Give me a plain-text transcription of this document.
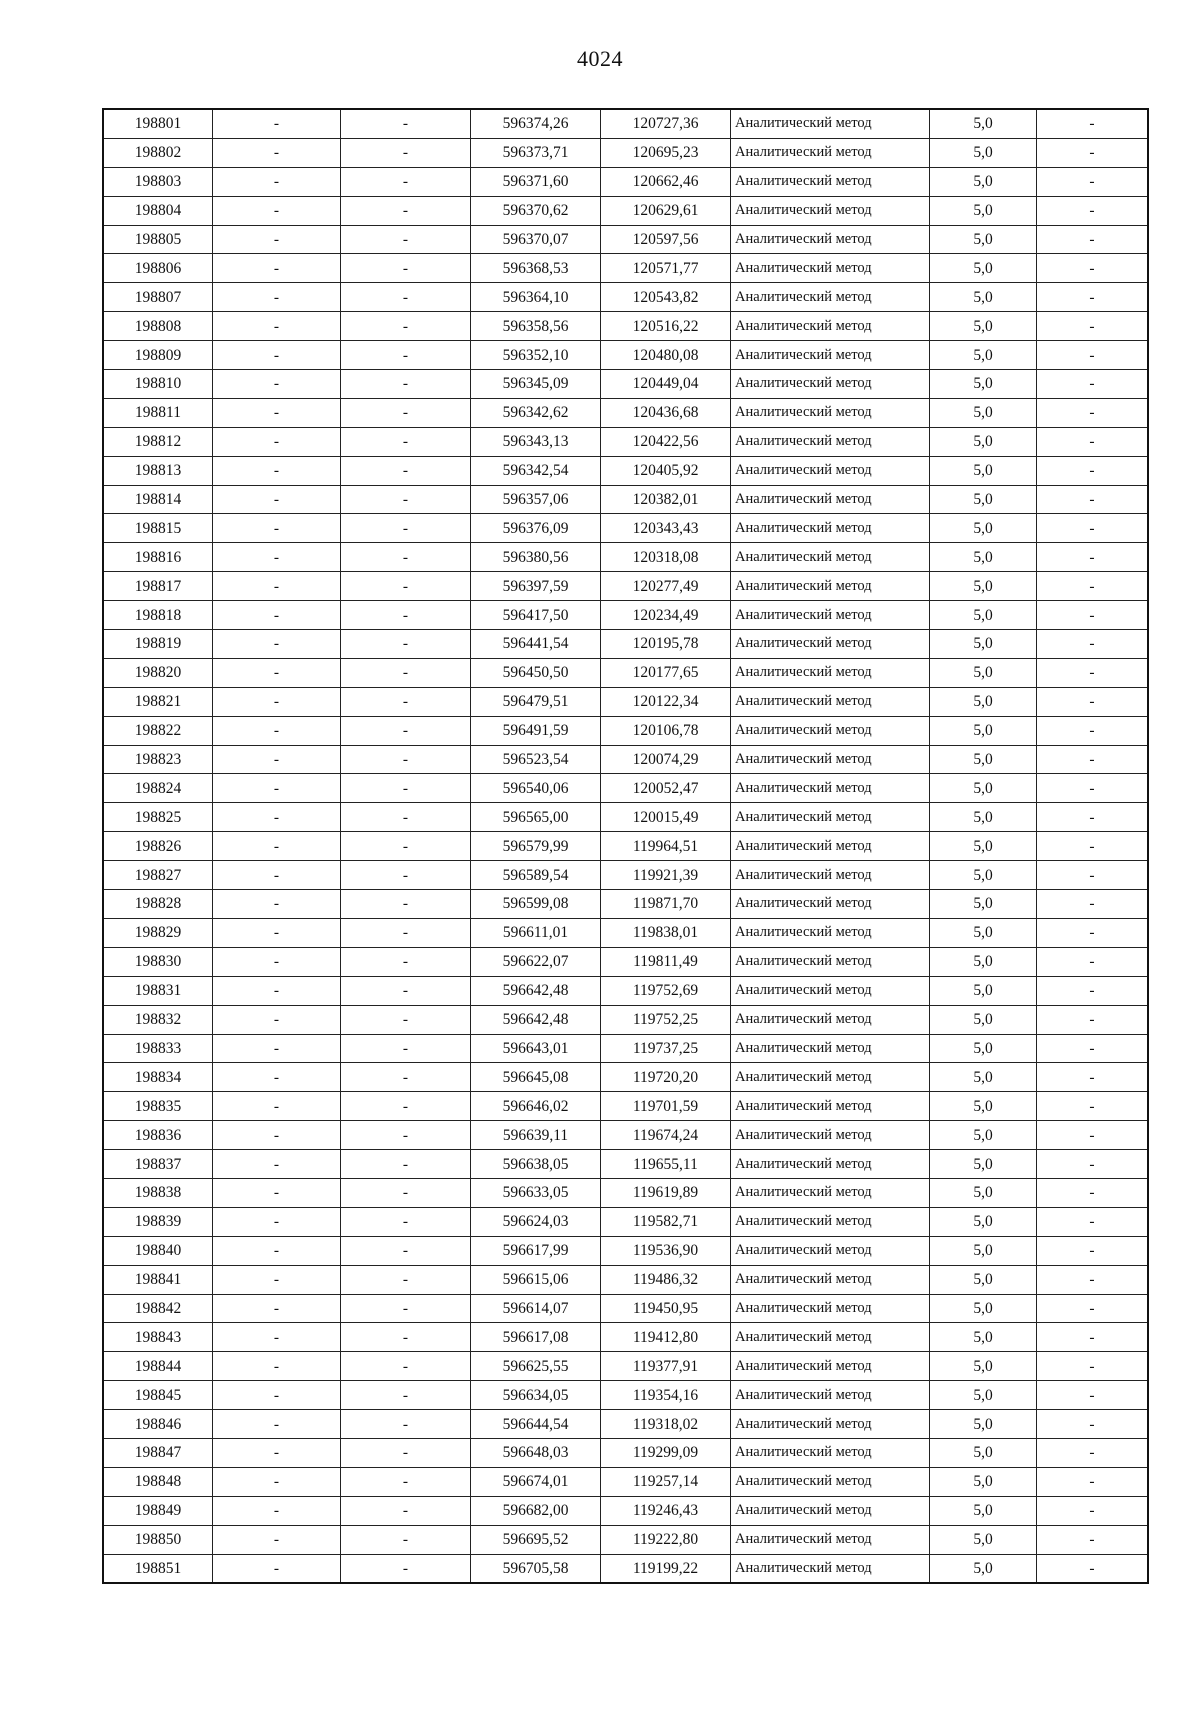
4024
198801	-	-	596374,26	120727,36	Аналитический метод	5,0	-
198802	-	-	596373,71	120695,23	Аналитический метод	5,0	-
198803	-	-	596371,60	120662,46	Аналитический метод	5,0	-
198804	-	-	596370,62	120629,61	Аналитический метод	5,0	-
198805	-	-	596370,07	120597,56	Аналитический метод	5,0	-
198806	-	-	596368,53	120571,77	Аналитический метод	5,0	-
198807	-	-	596364,10	120543,82	Аналитический метод	5,0	-
198808	-	-	596358,56	120516,22	Аналитический метод	5,0	-
198809	-	-	596352,10	120480,08	Аналитический метод	5,0	-
198810	-	-	596345,09	120449,04	Аналитический метод	5,0	-
198811	-	-	596342,62	120436,68	Аналитический метод	5,0	-
198812	-	-	596343,13	120422,56	Аналитический метод	5,0	-
198813	-	-	596342,54	120405,92	Аналитический метод	5,0	-
198814	-	-	596357,06	120382,01	Аналитический метод	5,0	-
198815	-	-	596376,09	120343,43	Аналитический метод	5,0	-
198816	-	-	596380,56	120318,08	Аналитический метод	5,0	-
198817	-	-	596397,59	120277,49	Аналитический метод	5,0	-
198818	-	-	596417,50	120234,49	Аналитический метод	5,0	-
198819	-	-	596441,54	120195,78	Аналитический метод	5,0	-
198820	-	-	596450,50	120177,65	Аналитический метод	5,0	-
198821	-	-	596479,51	120122,34	Аналитический метод	5,0	-
198822	-	-	596491,59	120106,78	Аналитический метод	5,0	-
198823	-	-	596523,54	120074,29	Аналитический метод	5,0	-
198824	-	-	596540,06	120052,47	Аналитический метод	5,0	-
198825	-	-	596565,00	120015,49	Аналитический метод	5,0	-
198826	-	-	596579,99	119964,51	Аналитический метод	5,0	-
198827	-	-	596589,54	119921,39	Аналитический метод	5,0	-
198828	-	-	596599,08	119871,70	Аналитический метод	5,0	-
198829	-	-	596611,01	119838,01	Аналитический метод	5,0	-
198830	-	-	596622,07	119811,49	Аналитический метод	5,0	-
198831	-	-	596642,48	119752,69	Аналитический метод	5,0	-
198832	-	-	596642,48	119752,25	Аналитический метод	5,0	-
198833	-	-	596643,01	119737,25	Аналитический метод	5,0	-
198834	-	-	596645,08	119720,20	Аналитический метод	5,0	-
198835	-	-	596646,02	119701,59	Аналитический метод	5,0	-
198836	-	-	596639,11	119674,24	Аналитический метод	5,0	-
198837	-	-	596638,05	119655,11	Аналитический метод	5,0	-
198838	-	-	596633,05	119619,89	Аналитический метод	5,0	-
198839	-	-	596624,03	119582,71	Аналитический метод	5,0	-
198840	-	-	596617,99	119536,90	Аналитический метод	5,0	-
198841	-	-	596615,06	119486,32	Аналитический метод	5,0	-
198842	-	-	596614,07	119450,95	Аналитический метод	5,0	-
198843	-	-	596617,08	119412,80	Аналитический метод	5,0	-
198844	-	-	596625,55	119377,91	Аналитический метод	5,0	-
198845	-	-	596634,05	119354,16	Аналитический метод	5,0	-
198846	-	-	596644,54	119318,02	Аналитический метод	5,0	-
198847	-	-	596648,03	119299,09	Аналитический метод	5,0	-
198848	-	-	596674,01	119257,14	Аналитический метод	5,0	-
198849	-	-	596682,00	119246,43	Аналитический метод	5,0	-
198850	-	-	596695,52	119222,80	Аналитический метод	5,0	-
198851	-	-	596705,58	119199,22	Аналитический метод	5,0	-
